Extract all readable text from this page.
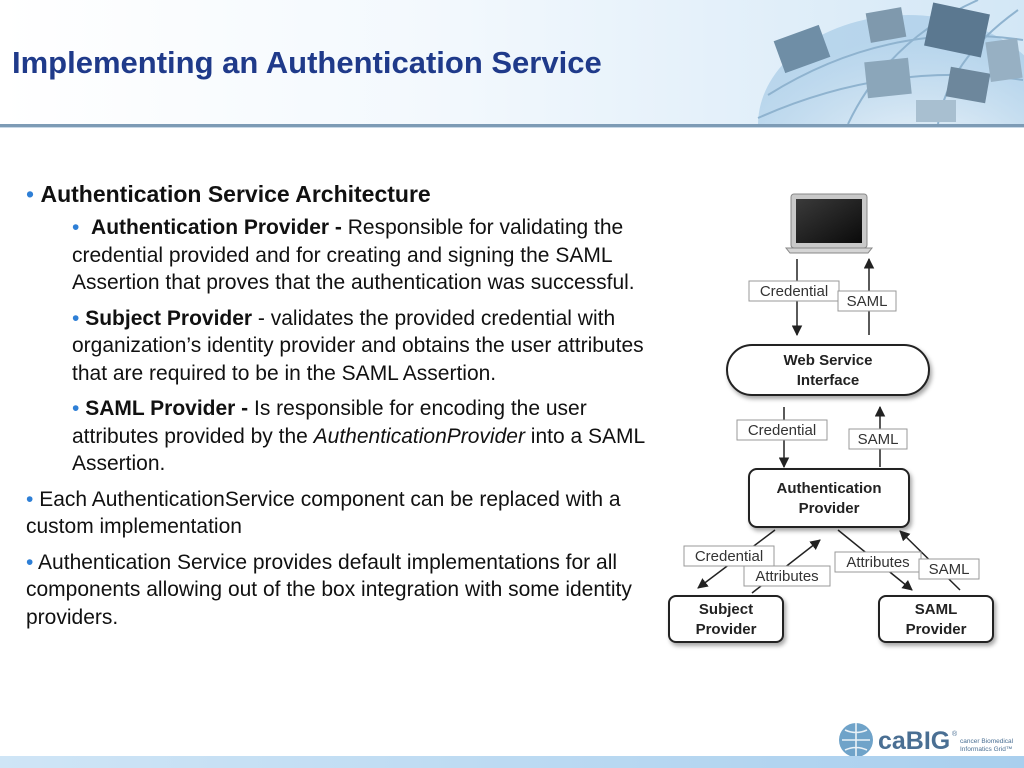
Implementing an Authentication Service
• Authentication Service Architecture
• Authentication Provider - Responsible for validating the credential provided and for creating and signing the SAML Assertion that proves that the authentication was successful.
• Subject Provider - validates the provided credential with organization’s identity provider and obtains the user attributes that are required to be in the SAML Assertion.
• SAML Provider - Is responsible for encoding the user attributes provided by the AuthenticationProvider into a SAML Assertion.
• Each AuthenticationService component can be replaced with a custom implementation
• Authentication Service provides default implementations for all components allowing out of the box integration with some identity providers.
Credential
SAML
Web Service
Interface
Credential
SAML
Authentication
Provider
Credential
Attributes
Attributes SAML
Subject
Provider
SAML
Provider
caBIG ®
cancer Biomedical
Informatics Grid™
